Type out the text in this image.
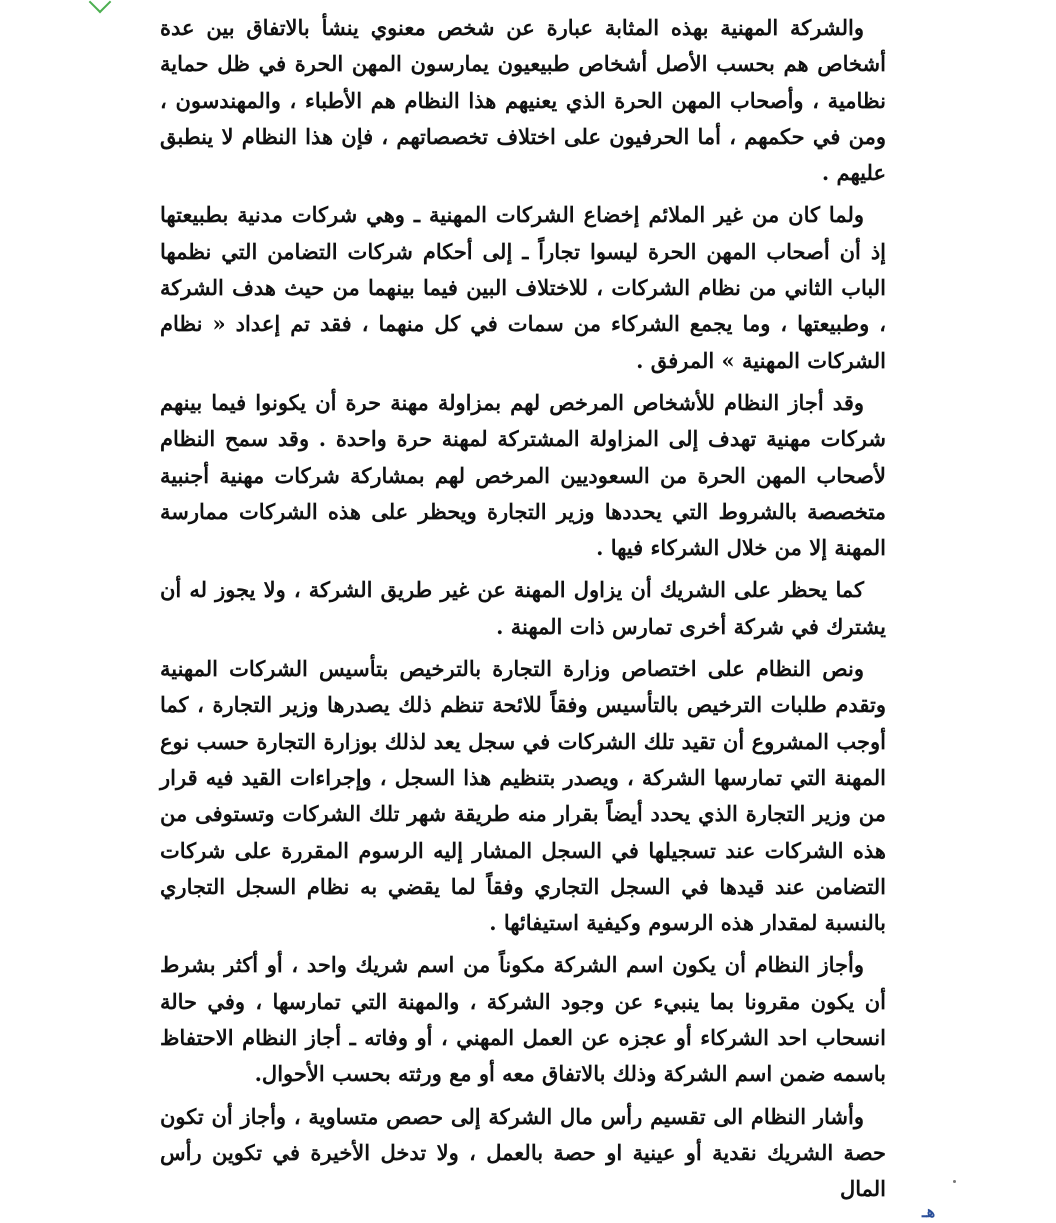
والشركة المهنية بهذه المثابة عبارة عن شخص معنوي ينشأ بالاتفاق بين عدة أشخاص هم بحسب الأصل أشخاص طبيعيون يمارسون المهن الحرة في ظل حماية نظامية ، وأصحاب المهن الحرة الذي يعنيهم هذا النظام هم الأطباء ، والمهندسون ، ومن في حكمهم ، أما الحرفيون على اختلاف تخصصاتهم ، فإن هذا النظام لا ينطبق عليهم .

ولما كان من غير الملائم إخضاع الشركات المهنية ـ وهي شركات مدنية بطبيعتها إذ أن أصحاب المهن الحرة ليسوا تجاراً ـ إلى أحكام شركات التضامن التي نظمها الباب الثاني من نظام الشركات ، للاختلاف البين فيما بينهما من حيث هدف الشركة ، وطبيعتها ، وما يجمع الشركاء من سمات في كل منهما ، فقد تم إعداد « نظام الشركات المهنية » المرفق .

وقد أجاز النظام للأشخاص المرخص لهم بمزاولة مهنة حرة أن يكونوا فيما بينهم شركات مهنية تهدف إلى المزاولة المشتركة لمهنة حرة واحدة . وقد سمح النظام لأصحاب المهن الحرة من السعوديين المرخص لهم بمشاركة شركات مهنية أجنبية متخصصة بالشروط التي يحددها وزير التجارة ويحظر على هذه الشركات ممارسة المهنة إلا من خلال الشركاء فيها .

كما يحظر على الشريك أن يزاول المهنة عن غير طريق الشركة ، ولا يجوز له أن يشترك في شركة أخرى تمارس ذات المهنة .

ونص النظام على اختصاص وزارة التجارة بالترخيص بتأسيس الشركات المهنية وتقدم طلبات الترخيص بالتأسيس وفقاً للائحة تنظم ذلك يصدرها وزير التجارة ، كما أوجب المشروع أن تقيد تلك الشركات في سجل يعد لذلك بوزارة التجارة حسب نوع المهنة التي تمارسها الشركة ، ويصدر بتنظيم هذا السجل ، وإجراءات القيد فيه قرار من وزير التجارة الذي يحدد أيضاً بقرار منه طريقة شهر تلك الشركات وتستوفى من هذه الشركات عند تسجيلها في السجل المشار إليه الرسوم المقررة على شركات التضامن عند قيدها في السجل التجاري وفقاً لما يقضي به نظام السجل التجاري بالنسبة لمقدار هذه الرسوم وكيفية استيفائها .

وأجاز النظام أن يكون اسم الشركة مكوناً من اسم شريك واحد ، أو أكثر بشرط أن يكون مقرونا بما ينبيء عن وجود الشركة ، والمهنة التي تمارسها ، وفي حالة انسحاب احد الشركاء أو عجزه عن العمل المهني ، أو وفاته ـ أجاز النظام الاحتفاظ باسمه ضمن اسم الشركة وذلك بالاتفاق معه أو مع ورثته بحسب الأحوال.

وأشار النظام الى تقسيم رأس مال الشركة إلى حصص متساوية ، وأجاز أن تكون حصة الشريك نقدية أو عينية او حصة بالعمل ، ولا تدخل الأخيرة في تكوين رأس المال

هـ
